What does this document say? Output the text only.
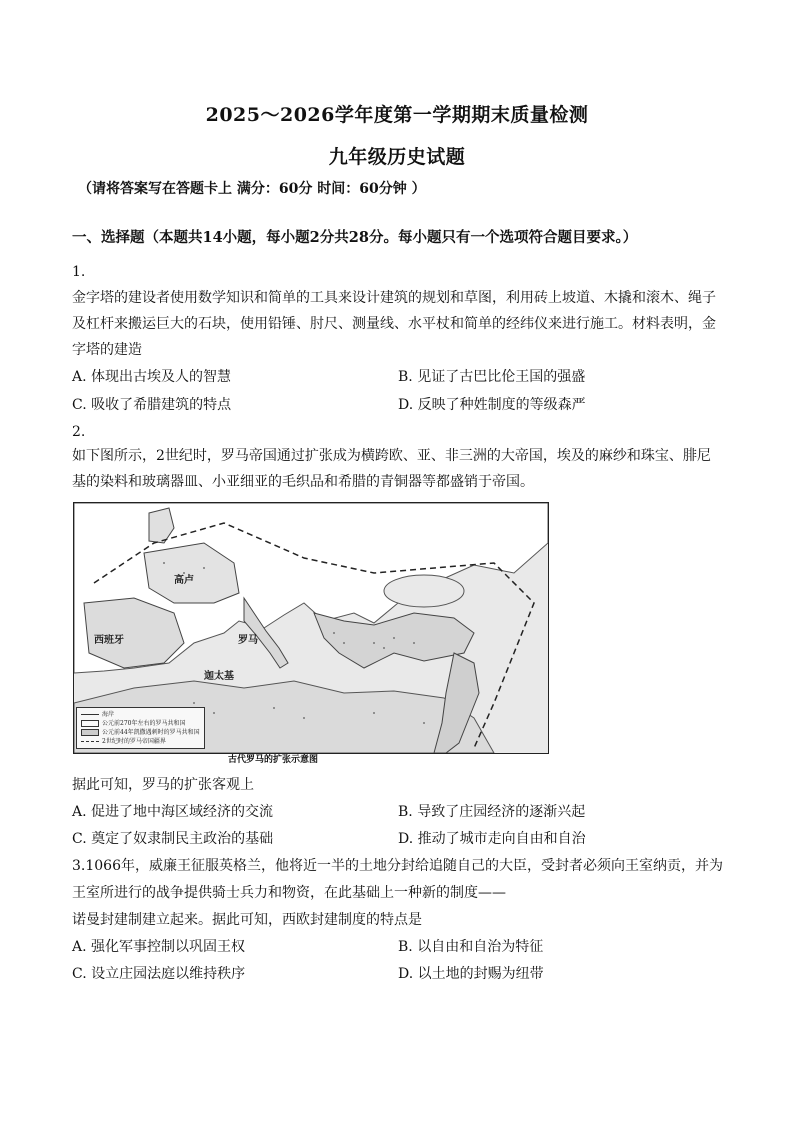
2025～2026学年度第一学期期末质量检测
九年级历史试题
（请将答案写在答题卡上 满分：60分 时间：60分钟 ）
一、选择题（本题共14小题，每小题2分共28分。每小题只有一个选项符合题目要求。）
1.
金字塔的建设者使用数学知识和简单的工具来设计建筑的规划和草图，利用砖上坡道、木撬和滚木、绳子
及杠杆来搬运巨大的石块，使用铅锤、肘尺、测量线、水平杖和简单的经纬仪来进行施工。材料表明，金
字塔的建造
A. 体现出古埃及人的智慧	B. 见证了古巴比伦王国的强盛
C. 吸收了希腊建筑的特点	D. 反映了种姓制度的等级森严
2.
如下图所示，2世纪时，罗马帝国通过扩张成为横跨欧、亚、非三洲的大帝国，埃及的麻纱和珠宝、腓尼
基的染料和玻璃器皿、小亚细亚的毛织品和希腊的青铜器等都盛销于帝国。
高卢
西班牙	罗马
迦太基
海岸
公元前270年左右的罗马共和国
公元前44年凯撒遇刺时的罗马共和国
2世纪时的罗马帝国疆界
古代罗马的扩张示意图
据此可知，罗马的扩张客观上
A. 促进了地中海区域经济的交流	B. 导致了庄园经济的逐渐兴起
C. 奠定了奴隶制民主政治的基础	D. 推动了城市走向自由和自治
3.1066年，威廉王征服英格兰，他将近一半的土地分封给追随自己的大臣，受封者必须向王室纳贡，并为
王室所进行的战争提供骑士兵力和物资，在此基础上一种新的制度——
诺曼封建制建立起来。据此可知，西欧封建制度的特点是
A. 强化军事控制以巩固王权	B. 以自由和自治为特征
C. 设立庄园法庭以维持秩序	D. 以土地的封赐为纽带
